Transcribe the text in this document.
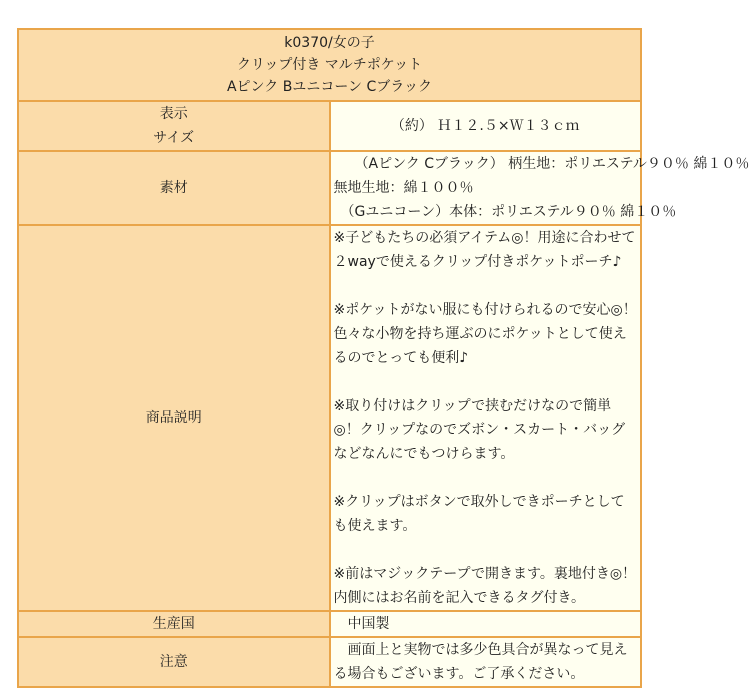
k0370/女の子
クリップ付き マルチポケット
Aピンク Bユニコーン Cブラック	

表示
サイズ	（約） Ｈ１２.５×Ｗ１３ｃｍ
素材	　　（Aピンク Cブラック） 柄生地：ポリエステル９０％ 綿１０％
無地生地：綿１００％
　（Gユニコーン）本体：ポリエステル９０％ 綿１０％

商品説明	※子どもたちの必須アイテム◎！用途に合わせて２wayで使えるクリップ付きポケットポーチ♪

※ポケットがない服にも付けられるので安心◎！色々な小物を持ち運ぶのにポケットとして使えるのでとっても便利♪

※取り付けはクリップで挟むだけなので簡単◎！クリップなのでズボン・スカート・バッグなどなんにでもつけらます。

※クリップはボタンで取外しできポーチとしても使えます。

※前はマジックテープで開きます。裏地付き◎！内側にはお名前を記入できるタグ付き。

生産国	　中国製
注意	　画面上と実物では多少色具合が異なって見える場合もございます。ご了承ください。
